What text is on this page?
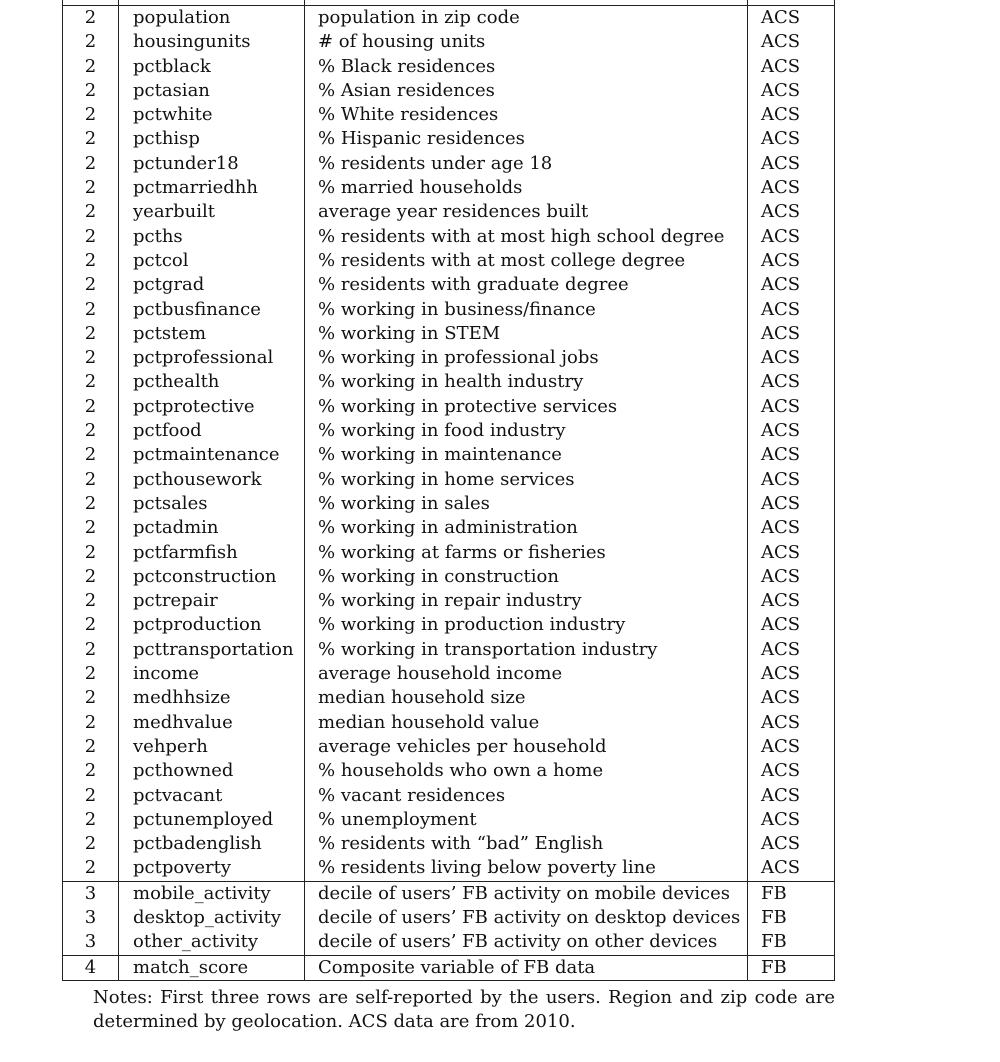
2	population	population in zip code	ACS
2	housingunits	# of housing units	ACS
2	pctblack	% Black residences	ACS
2	pctasian	% Asian residences	ACS
2	pctwhite	% White residences	ACS
2	pcthisp	% Hispanic residences	ACS
2	pctunder18	% residents under age 18	ACS
2	pctmarriedhh	% married households	ACS
2	yearbuilt	average year residences built	ACS
2	pcths	% residents with at most high school degree	ACS
2	pctcol	% residents with at most college degree	ACS
2	pctgrad	% residents with graduate degree	ACS
2	pctbusfinance	% working in business/finance	ACS
2	pctstem	% working in STEM	ACS
2	pctprofessional	% working in professional jobs	ACS
2	pcthealth	% working in health industry	ACS
2	pctprotective	% working in protective services	ACS
2	pctfood	% working in food industry	ACS
2	pctmaintenance	% working in maintenance	ACS
2	pcthousework	% working in home services	ACS
2	pctsales	% working in sales	ACS
2	pctadmin	% working in administration	ACS
2	pctfarmfish	% working at farms or fisheries	ACS
2	pctconstruction	% working in construction	ACS
2	pctrepair	% working in repair industry	ACS
2	pctproduction	% working in production industry	ACS
2	pcttransportation	% working in transportation industry	ACS
2	income	average household income	ACS
2	medhhsize	median household size	ACS
2	medhvalue	median household value	ACS
2	vehperh	average vehicles per household	ACS
2	pcthowned	% households who own a home	ACS
2	pctvacant	% vacant residences	ACS
2	pctunemployed	% unemployment	ACS
2	pctbadenglish	% residents with “bad” English	ACS
2	pctpoverty	% residents living below poverty line	ACS
3	mobile_activity	decile of users’ FB activity on mobile devices	FB
3	desktop_activity	decile of users’ FB activity on desktop devices	FB
3	other_activity	decile of users’ FB activity on other devices	FB
4	match_score	Composite variable of FB data	FB
Notes: First three rows are self-reported by the users. Region and zip code are determined by geolocation. ACS data are from 2010.
